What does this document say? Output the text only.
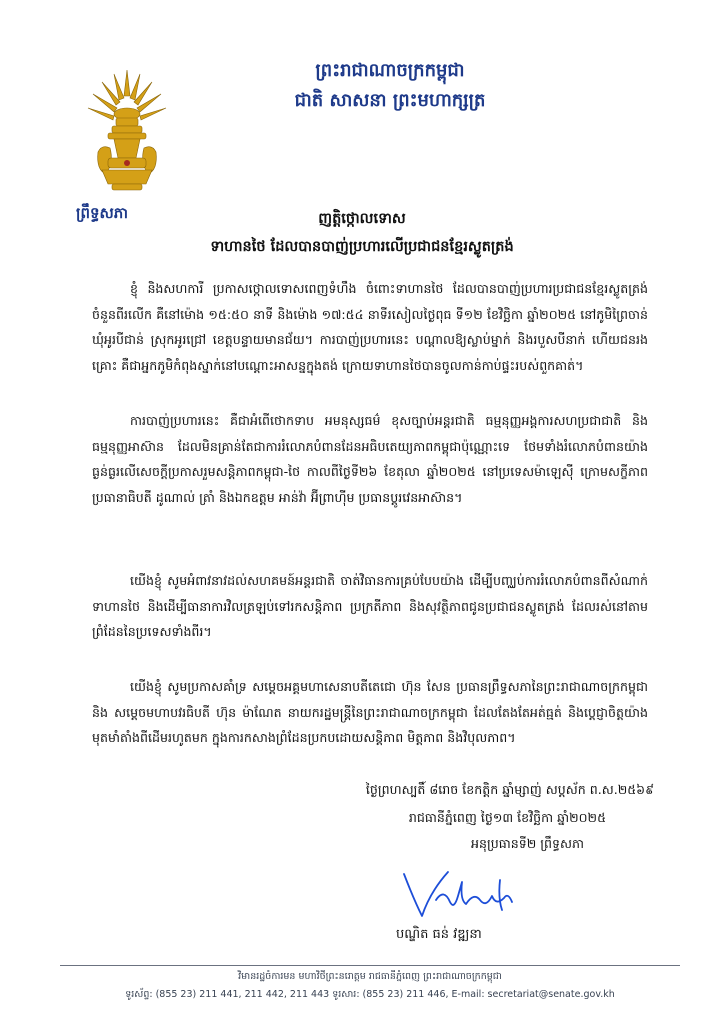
ព្រឹទ្ធសភា
ព្រះរាជាណាចក្រកម្ពុជា
ជាតិ សាសនា ព្រះមហាក្សត្រ
ញត្តិថ្កោលទោស
ទាហានថៃ ដែលបានបាញ់ប្រហារលើប្រជាជនខ្មែរស្លូតត្រង់

ខ្ញុំ និងសហការី ប្រកាសថ្កោលទោសពេញទំហឹង ចំពោះទាហានថៃ ដែលបានបាញ់ប្រហារប្រជាជនខ្មែរស្លូតត្រង់ ចំនួនពីរលើក គឺនៅម៉ោង ១៥:៥០ នាទី និងម៉ោង ១៧:៥៤ នាទីរសៀលថ្ងៃពុធ ទី១២ ខែវិច្ឆិកា ឆ្នាំ២០២៥ នៅភូមិព្រៃចាន់ ឃុំអូរបីជាន់ ស្រុកអូរជ្រៅ ខេត្តបន្ទាយមានជ័យ។ ការបាញ់ប្រហារនេះ បណ្តាលឱ្យស្លាប់ម្នាក់ និងរបួសបីនាក់ ហើយជនរងគ្រោះ គឺជាអ្នកភូមិកំពុងស្នាក់នៅបណ្តោះអាសន្នក្នុងតង់ ក្រោយទាហានថៃបានចូលកាន់កាប់ផ្ទះរបស់ពួកគាត់។

ការបាញ់ប្រហារនេះ គឺជាអំពើថោកទាប អមនុស្សធម៌ ខុសច្បាប់អន្តរជាតិ ធម្មនុញ្ញអង្គការសហប្រជាជាតិ និងធម្មនុញ្ញអាស៊ាន ដែលមិនគ្រាន់តែជាការរំលោភបំពានដែនអធិបតេយ្យភាពកម្ពុជាប៉ុណ្ណោះទេ ថែមទាំងរំលោភបំពានយ៉ាងធ្ងន់ធ្ងរលើសេចក្តីប្រកាសរួមសន្តិភាពកម្ពុជា-ថៃ កាលពីថ្ងៃទី២៦ ខែតុលា ឆ្នាំ២០២៥ នៅប្រទេសម៉ាឡេស៊ី ក្រោមសក្ខីភាពប្រធានាធិបតី ដូណាល់ ត្រាំ និងឯកឧត្តម អាន់វ៉ា អ៊ីព្រាហ៊ីម ប្រធានប្តូរវេនអាស៊ាន។

យើងខ្ញុំ សូមអំពាវនាវដល់សហគមន៍អន្តរជាតិ ចាត់វិធានការគ្រប់បែបយ៉ាង ដើម្បីបញ្ឈប់ការរំលោភបំពានពីសំណាក់ទាហានថៃ និងដើម្បីធានាការវិលត្រឡប់ទៅរកសន្តិភាព ប្រក្រតីភាព និងសុវត្ថិភាពជូនប្រជាជនស្លូតត្រង់ ដែលរស់នៅតាមព្រំដែននៃប្រទេសទាំងពីរ។

យើងខ្ញុំ សូមប្រកាសគាំទ្រ សម្តេចអគ្គមហាសេនាបតីតេជោ ហ៊ុន សែន ប្រធានព្រឹទ្ធសភានៃព្រះរាជាណាចក្រកម្ពុជា និង សម្តេចមហាបវរធិបតី ហ៊ុន ម៉ាណែត នាយករដ្ឋមន្ត្រីនៃព្រះរាជាណាចក្រកម្ពុជា ដែលតែងតែអត់ធ្មត់ និងប្តេជ្ញាចិត្តយ៉ាងមុតមាំតាំងពីដើមរហូតមក ក្នុងការកសាងព្រំដែនប្រកបដោយសន្តិភាព មិត្តភាព និងវិបុលភាព។

ថ្ងៃព្រហស្បតិ៍ ៨រោច ខែកត្តិក ឆ្នាំម្សាញ់ សប្តស័ក ព.ស.២៥៦៩
រាជធានីភ្នំពេញ ថ្ងៃ១៣ ខែវិច្ឆិកា ឆ្នាំ២០២៥
អនុប្រធានទី២ ព្រឹទ្ធសភា
បណ្ឌិត ធន់ វឌ្ឍនា
វិមានរដ្ឋចំការមន មហាវិថីព្រះនរោត្តម រាជធានីភ្នំពេញ ព្រះរាជាណាចក្រកម្ពុជា
ទូរស័ព្ទ: (855 23) 211 441, 211 442, 211 443 ទូរសារ: (855 23) 211 446, E-mail: secretariat@senate.gov.kh
